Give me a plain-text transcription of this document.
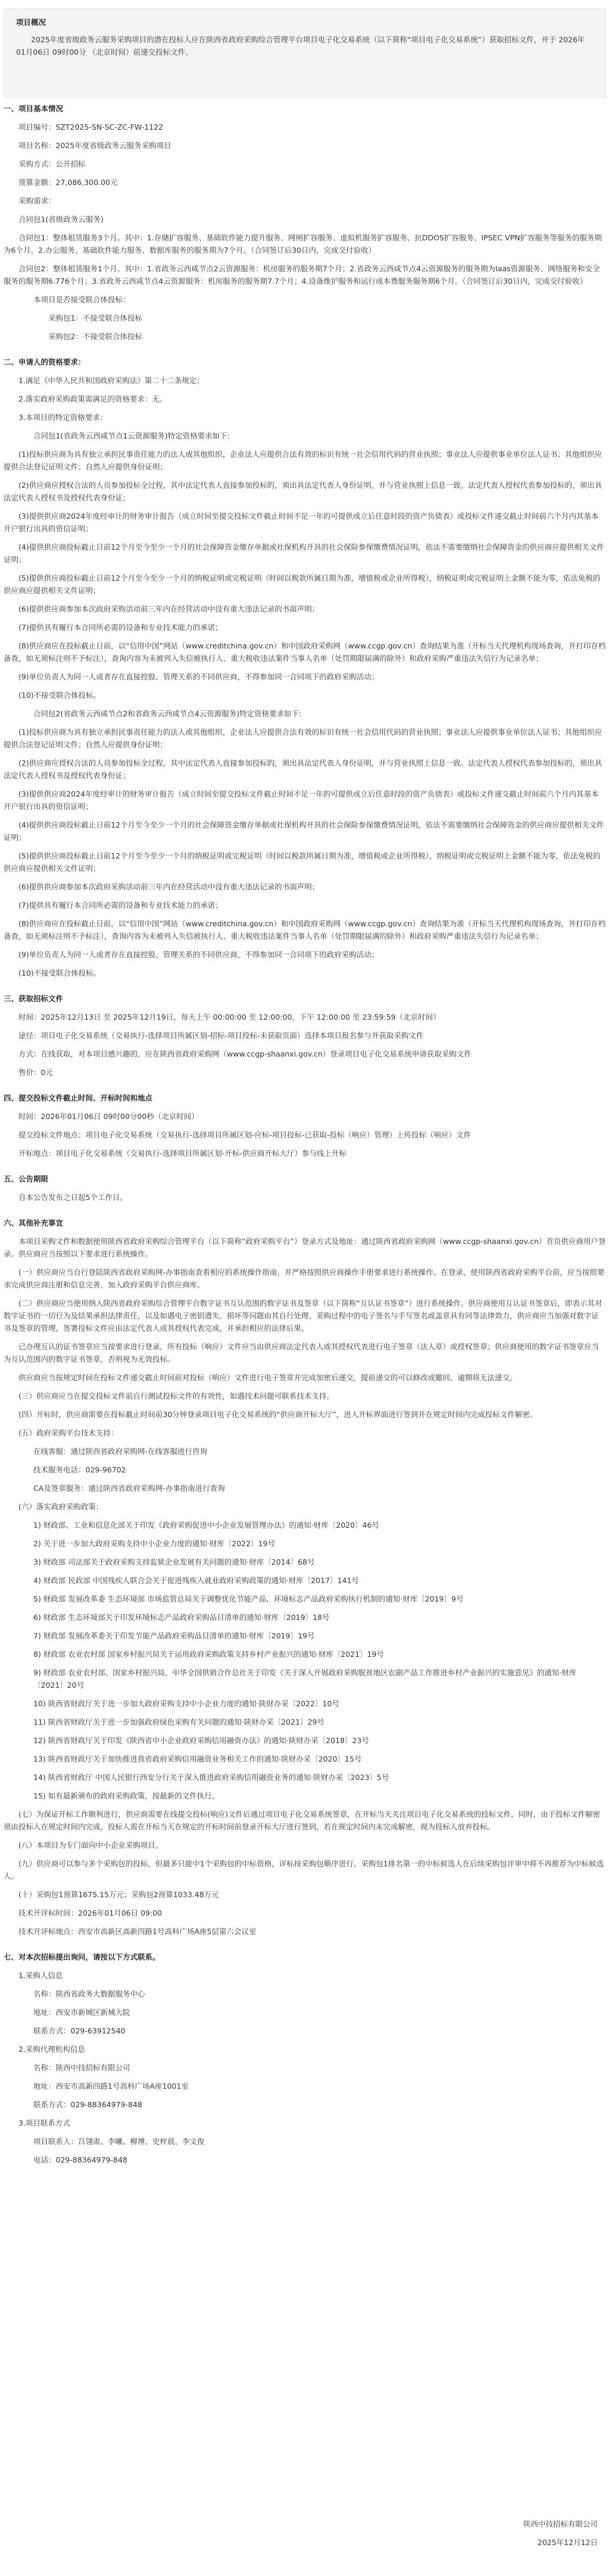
项目概况

2025年度省级政务云服务采购项目的潜在投标人应在陕西省政府采购综合管理平台项目电子化交易系统（以下简称“项目电子化交易系统”）获取招标文件，并于 2026年01月06日 09时00分 （北京时间）前递交投标文件。

一、项目基本情况
项目编号：SZT2025-SN-SC-ZC-FW-1122
项目名称：2025年度省级政务云服务采购项目
采购方式：公开招标
预算金额：27,086,300.00元
采购需求：
合同包1(省级政务云服务)
合同包1：整体租赁服务3个月。其中：1.存储扩容服务、基础软件能力提升服务、网闸扩容服务、虚拟机服务扩容服务、抗DDOS扩容服务、IPSEC VPN扩容服务等服务的服务期为6个月。2.办公服务、基础软件能力服务、数据库服务的服务期为7个月。（合同签订后30日内，完成交付验收）
合同包2：整体租赁服务1个月。其中：1.省政务云西咸节点2云资源服务：机房服务的服务期7个月；2.省政务云西咸节点4云资源服务的服务期为Iaas资源服务、网络服务和安全服务的服务期6.776个月；3.省政务云西咸节点4云资源服务：机房服务的服务期7.7个月；4.设备维护服务和运行成本费服务服务期6个月。（合同签订后30日内，完成交付验收）
本项目是否接受联合体投标：
采购包1：不接受联合体投标
采购包2：不接受联合体投标
二、申请人的资格要求：
1.满足《中华人民共和国政府采购法》第二十二条规定；
2.落实政府采购政策需满足的资格要求：无。
3.本项目的特定资格要求：
合同包1(省政务云西咸节点1云资源服务)特定资格要求如下:
(1)投标供应商为具有独立承担民事责任能力的法人或其他组织，企业法人应提供合法有效的标识有统一社会信用代码的营业执照；事业法人应提供事业单位法人证书；其他组织应提供合法登记证明文件；自然人应提供身份证明；
(2)供应商应授权合法的人员参加投标全过程，其中法定代表人直接参加投标的，须出具法定代表人身份证明，并与营业执照上信息一致。法定代表人授权代表参加投标的，须出具法定代表人授权书及授权代表身份证；
(3)提供供应商2024年度经审计的财务审计报告（成立时间至提交投标文件截止时间不足一年的可提供成立后任意时段的资产负债表）或投标文件递交截止时间前六个月内其基本开户银行出具的资信证明；
(4)提供供应商投标截止日前12个月至今至少一个月的社会保障资金缴存单据或社保机构开具的社会保险参保缴费情况证明，依法不需要缴纳社会保障资金的供应商应提供相关文件证明；
(5)提供供应商投标截止日前12个月至今至少一个月的纳税证明或完税证明（时间以税款所属日期为准，增值税或企业所得税），纳税证明或完税证明上金额不能为零，依法免税的供应商应提供相关文件证明；
(6)提供供应商参加本次政府采购活动前三年内在经营活动中没有重大违法记录的书面声明；
(7)提供具有履行本合同所必需的设备和专业技术能力的承诺；
(8)供应商应在投标截止日前，以“信用中国”网站（www.creditchina.gov.cn）和中国政府采购网（www.ccgp.gov.cn）查询结果为准（开标当天代理机构现场查询，并打印存档备查，如无须标注则不予标注），查询内容为未被列入失信被执行人、重大税收违法案件当事人名单（处罚期限届满的除外）和政府采购严重违法失信行为记录名单；
(9)单位负责人为同一人或者存在直接控股、管理关系的不同供应商，不得参加同一合同项下的政府采购活动；
(10)不接受联合体投标。
合同包2(省政务云西咸节点2和省政务云西咸节点4云资源服务)特定资格要求如下:
(1)投标供应商为具有独立承担民事责任能力的法人或其他组织，企业法人应提供合法有效的标识有统一社会信用代码的营业执照；事业法人应提供事业单位法人证书；其他组织应提供合法登记证明文件；自然人应提供身份证明；
(2)供应商应授权合法的人员参加投标全过程，其中法定代表人直接参加投标的，须出具法定代表人身份证明，并与营业执照上信息一致。法定代表人授权代表参加投标的，须出具法定代表人授权书及授权代表身份证；
(3)提供供应商2024年度经审计的财务审计报告（成立时间至提交投标文件截止时间不足一年的可提供成立后任意时段的资产负债表）或投标文件递交截止时间前六个月内其基本开户银行出具的资信证明；
(4)提供供应商投标截止日前12个月至今至少一个月的社会保障资金缴存单据或社保机构开具的社会保险参保缴费情况证明，依法不需要缴纳社会保障资金的供应商应提供相关文件证明；
(5)提供供应商投标截止日前12个月至今至少一个月的纳税证明或完税证明（时间以税款所属日期为准，增值税或企业所得税），纳税证明或完税证明上金额不能为零，依法免税的供应商应提供相关文件证明；
(6)提供供应商参加本次政府采购活动前三年内在经营活动中没有重大违法记录的书面声明；
(7)提供具有履行本合同所必需的设备和专业技术能力的承诺；
(8)供应商应在投标截止日前，以“信用中国”网站（www.creditchina.gov.cn）和中国政府采购网（www.ccgp.gov.cn）查询结果为准（开标当天代理机构现场查询，并打印存档备查，如无须标注则不予标注），查询内容为未被列入失信被执行人、重大税收违法案件当事人名单（处罚期限届满的除外）和政府采购严重违法失信行为记录名单；
(9)单位负责人为同一人或者存在直接控股、管理关系的不同供应商，不得参加同一合同项下的政府采购活动；
(10)不接受联合体投标。
三、获取招标文件
时间：2025年12月13日 至 2025年12月19日，每天上午 00:00:00 至 12:00:00，下午 12:00:00 至 23:59:59（北京时间）
途径：项目电子化交易系统（交易执行-选择项目所属区划-招标-项目投标-未获取页面）选择本项目报名参与并获取采购文件
方式：在线获取，对本项目感兴趣的，应在陕西省政府采购网（www.ccgp-shaanxi.gov.cn）登录项目电子化交易系统申请获取采购文件
售价：0元
四、提交投标文件截止时间、开标时间和地点
时间：2026年01月06日 09时00分00秒（北京时间）
提交投标文件地点：项目电子化交易系统（交易执行-选择项目所属区划-应标-项目投标-已获取-投标（响应）管理）上传投标（响应）文件
开标地点：项目电子化交易系统（交易执行-选择项目所属区划-开标-供应商开标大厅）参与线上开标
五、公告期限
自本公告发布之日起5个工作日。
六、其他补充事宜
本项目采购文件和数据使用陕西省政府采购综合管理平台（以下简称“政府采购平台”）登录方式及地址：通过陕西省政府采购网（www.ccgp-shaanxi.gov.cn）首页供应商用户登录。供应商应当按照以下要求进行系统操作。
(一）供应商应当自行登陆陕西省政府采购网-办事指南查看相应的系统操作指南，并严格按照供应商操作手册要求进行系统操作。在登录、使用陕西省政府采购平台前，应当按照要求完成供应商注册和信息完善，加入政府采购平台供应商库。
(二）供应商应当使用纳入陕西省政府采购综合管理平台数字证书互认范围的数字证书及签章（以下简称“互认证书签章”）进行系统操作。供应商使用互认证书签章后，即表示其对数字证书的一切行为及结果承担法律责任，以及如遇电子密钥遗失、损坏等问题由其自行处理。采购过程中的电子签名与手写签名或盖章具有同等法律效力，供应商应当加强对数字证书及签章的管理，签署投标文件应由法定代表人或其授权代表完成，并承担相应的法律后果。
已办理互认的证书签章应当按要求进行登录，所有投标（响应）文件应当由供应商法定代表人或其授权代表进行电子签章（法人章）或授权签章；供应商使用的数字证书签章应当为互认范围内的数字证书签章，否则视为无效投标。
供应商应当按规定时间在投标文件递交截止时间前对投标（响应）文件进行电子签章并完成加密后递交，提前递交的可以修改或撤回，逾期将无法递交。
(三）供应商应当在提交投标文件前自行测试投标文件的有效性，如遇技术问题可联系技术支持。
(四）开标时，供应商需要在投标截止时间前30分钟登录项目电子化交易系统的“供应商开标大厅”，进入开标界面进行签到并在规定时间内完成投标文件解密。
(五）政府采购平台技术支持：
在线客服：通过陕西省政府采购网-在线客服进行咨询
技术服务电话：029-96702
CA及签章服务：通过陕西省政府采购网-办事指南进行查询
(六）落实政府采购政策：
1) 财政部、工业和信息化部关于印发《政府采购促进中小企业发展管理办法》的通知·财库〔2020〕46号
2) 关于进一步加大政府采购支持中小企业力度的通知·财库〔2022〕19号
3) 财政部 司法部关于政府采购支持监狱企业发展有关问题的通知·财库〔2014〕68号
4) 财政部 民政部 中国残疾人联合会关于促进残疾人就业政府采购政策的通知·财库〔2017〕141号
5) 财政部 发展改革委 生态环境部 市场监管总局关于调整优化节能产品、环境标志产品政府采购执行机制的通知·财库〔2019〕9号
6) 财政部 生态环境部关于印发环境标志产品政府采购品目清单的通知·财库〔2019〕18号
7) 财政部 发展改革委关于印发节能产品政府采购品目清单的通知·财库〔2019〕19号
8) 财政部 农业农村部 国家乡村振兴局关于运用政府采购政策支持乡村产业振兴的通知·财库〔2021〕19号
9) 财政部 农业农村部、国家乡村振兴局、中华全国供销合作总社关于印发《关于深入开展政府采购脱贫地区农副产品工作推进乡村产业振兴的实施意见》的通知·财库〔2021〕20号
10) 陕西省财政厅关于进一步加大政府采购支持中小企业力度的通知·陕财办采〔2022〕10号
11) 陕西省财政厅关于进一步加强政府绿色采购有关问题的通知·陕财办采〔2021〕29号
12) 陕西省财政厅关于印发《陕西省中小企业政府采购信用融资办法》的通知·陕财办采〔2018〕23号
13) 陕西省财政厅关于加快推进我省政府采购信用融资业务相关工作的通知·陕财办采〔2020〕15号
14) 陕西省财政厅 中国人民银行西安分行关于深入推进政府采购信用融资业务的通知·陕财办采〔2023〕5号
15) 如有最新颁布的政府采购政策，按最新的文件执行。
(七）为保证开标工作顺利进行，供应商需要在线提交投标(响应)文件后通过项目电子化交易系统签章，在开标当天关注项目电子化交易系统的投标文件，同时，由于投标文件解密须由投标人在规定时间内完成，投标人需在开标当天在规定的开标时间前登录开标大厅进行签到，若在规定时间内未完成解密，视为投标人放弃投标。
(八）本项目为专门面向中小企业采购项目。
(九）供应商可以参与多个采购包的投标，但最多只能中1个采购包的中标资格，评标按采购包顺序进行。采购包1排名第一的中标候选人在后续采购包评审中将不再推荐为中标候选人。
(十）采购包1预算1675.15万元；采购包2预算1033.48万元
技术开评标时间：2026年01月06日 09:00
技术开评标地点：西安市高新区高新四路1号高科广场A座5层第六会议室
七、对本次招标提出询问，请按以下方式联系。
1.采购人信息
名称：陕西省政务大数据服务中心
地址：西安市新城区新城大院
联系方式：029-63912540
2.采购代理机构信息
名称：陕西中技招标有限公司
地址：西安市高新四路1号高科广场A座1001室
联系方式：029-88364979-848
3.项目联系方式
项目联系人：吕翎肃、李曦、柳博、史梓晨、李文俊
电话：029-88364979-848
陕西中技招标有限公司
2025年12月12日
